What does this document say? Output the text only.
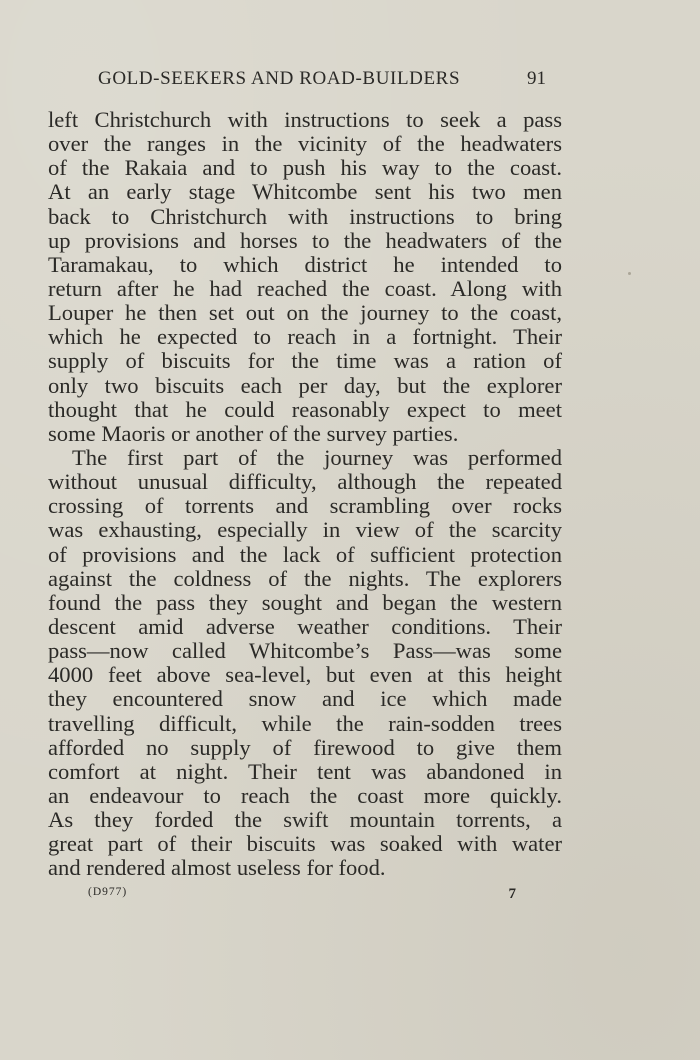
GOLD-SEEKERS AND ROAD-BUILDERS	91
left Christchurch with instructions to seek a pass
over the ranges in the vicinity of the headwaters
of the Rakaia and to push his way to the coast.
At an early stage Whitcombe sent his two men
back to Christchurch with instructions to bring
up provisions and horses to the headwaters of the
Taramakau, to which district he intended to
return after he had reached the coast. Along with
Louper he then set out on the journey to the coast,
which he expected to reach in a fortnight. Their
supply of biscuits for the time was a ration of
only two biscuits each per day, but the explorer
thought that he could reasonably expect to meet
some Maoris or another of the survey parties.
The first part of the journey was performed
without unusual difficulty, although the repeated
crossing of torrents and scrambling over rocks
was exhausting, especially in view of the scarcity
of provisions and the lack of sufficient protection
against the coldness of the nights. The explorers
found the pass they sought and began the western
descent amid adverse weather conditions. Their
pass—now called Whitcombe’s Pass—was some
4000 feet above sea-level, but even at this height
they encountered snow and ice which made
travelling difficult, while the rain-sodden trees
afforded no supply of firewood to give them
comfort at night. Their tent was abandoned in
an endeavour to reach the coast more quickly.
As they forded the swift mountain torrents, a
great part of their biscuits was soaked with water
and rendered almost useless for food.
(D977)	7
